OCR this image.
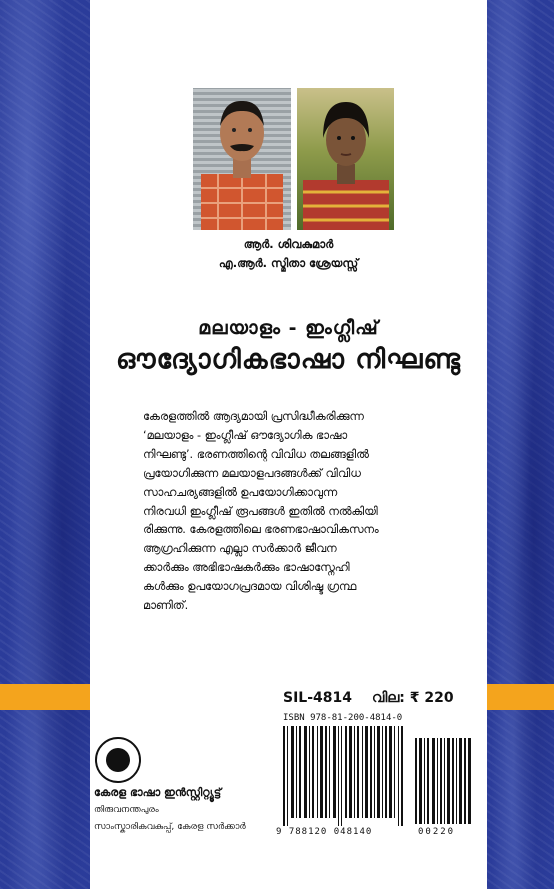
ആർ. ശിവകുമാർ
എ.ആർ. സ്മിതാ ശ്രേയസ്സ്
മലയാളം - ഇംഗ്ലീഷ്
ഔദ്യോഗികഭാഷാ നിഘണ്ടു
കേരളത്തിൽ ആദ്യമായി പ്രസിദ്ധീകരിക്കുന്ന
‘മലയാളം - ഇംഗ്ലീഷ് ഔദ്യോഗിക ഭാഷാ
നിഘണ്ടു’. ഭരണത്തിന്റെ വിവിധ തലങ്ങളിൽ
പ്രയോഗിക്കുന്ന മലയാളപദങ്ങൾക്ക് വിവിധ
സാഹചര്യങ്ങളിൽ ഉപയോഗിക്കാവുന്ന
നിരവധി ഇംഗ്ലീഷ് രൂപങ്ങൾ ഇതിൽ നൽകിയി
രിക്കുന്നു. കേരളത്തിലെ ഭരണഭാഷാവികസനം
ആഗ്രഹിക്കുന്ന എല്ലാ സർക്കാർ ജീവന
ക്കാർക്കും അഭിഭാഷകർക്കും ഭാഷാസ്നേഹി
കൾക്കും ഉപയോഗപ്രദമായ വിശിഷ്ട ഗ്രന്ഥ
മാണിത്.
SIL-4814 വില: ₹ 220
ISBN 978-81-200-4814-0
9 788120 048140	00220
കേരള ഭാഷാ ഇൻസ്റ്റിറ്റ്യൂട്ട്
തിരുവനന്തപുരം
സാംസ്കാരികവകുപ്പ്, കേരള സർക്കാർ
